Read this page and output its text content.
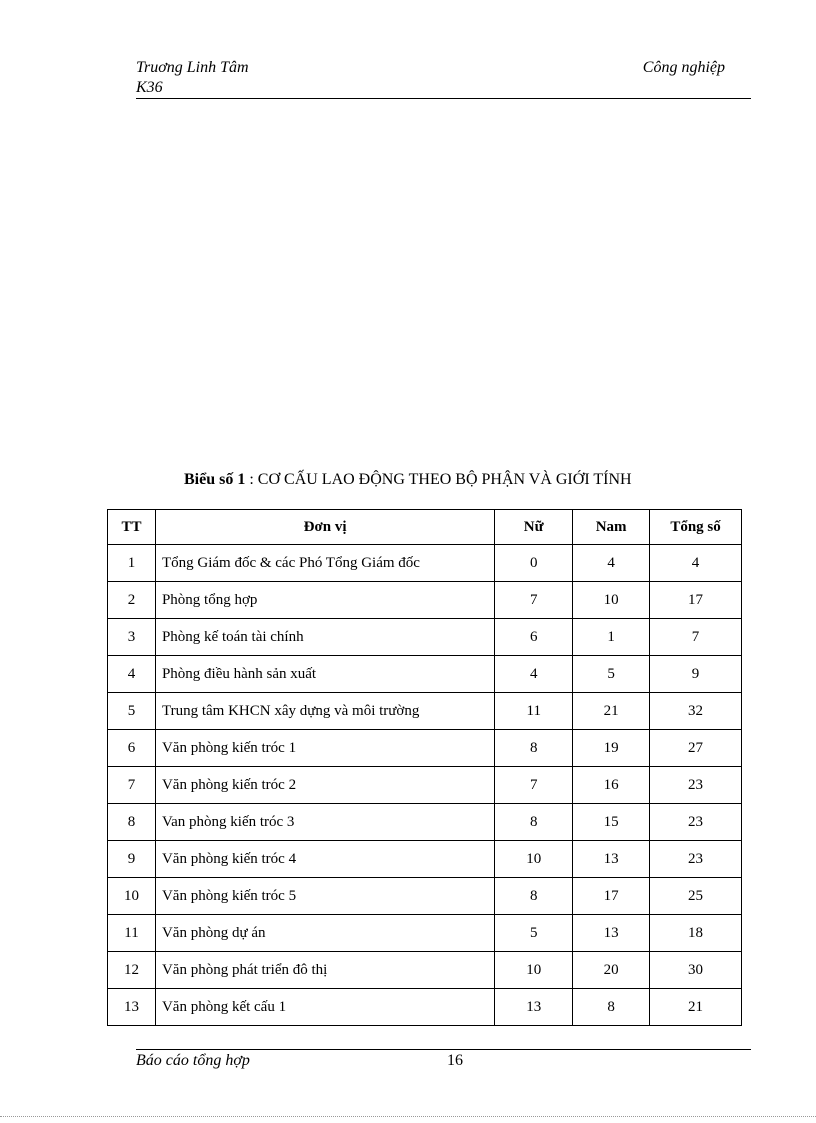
Truơng Linh Tâm
K36
Công nghiệp
Biểu số 1 : CƠ CẤU LAO ĐỘNG THEO BỘ PHẬN VÀ GIỚI TÍNH
TT	Đơn vị	Nữ	Nam	Tổng số
1	Tổng Giám đốc & các Phó Tổng Giám đốc	0	4	4
2	Phòng tổng hợp	7	10	17
3	Phòng kế toán tài chính	6	1	7
4	Phòng điều hành sản xuất	4	5	9
5	Trung tâm KHCN xây dựng và môi trường	11	21	32
6	Văn phòng kiến tróc 1	8	19	27
7	Văn phòng kiến tróc 2	7	16	23
8	Van phòng kiến tróc 3	8	15	23
9	Văn phòng kiến tróc 4	10	13	23
10	Văn phòng kiến tróc 5	8	17	25
11	Văn phòng dự án	5	13	18
12	Văn phòng phát triển đô thị	10	20	30
13	Văn phòng kết cấu 1	13	8	21
Báo cáo tổng hợp	16
